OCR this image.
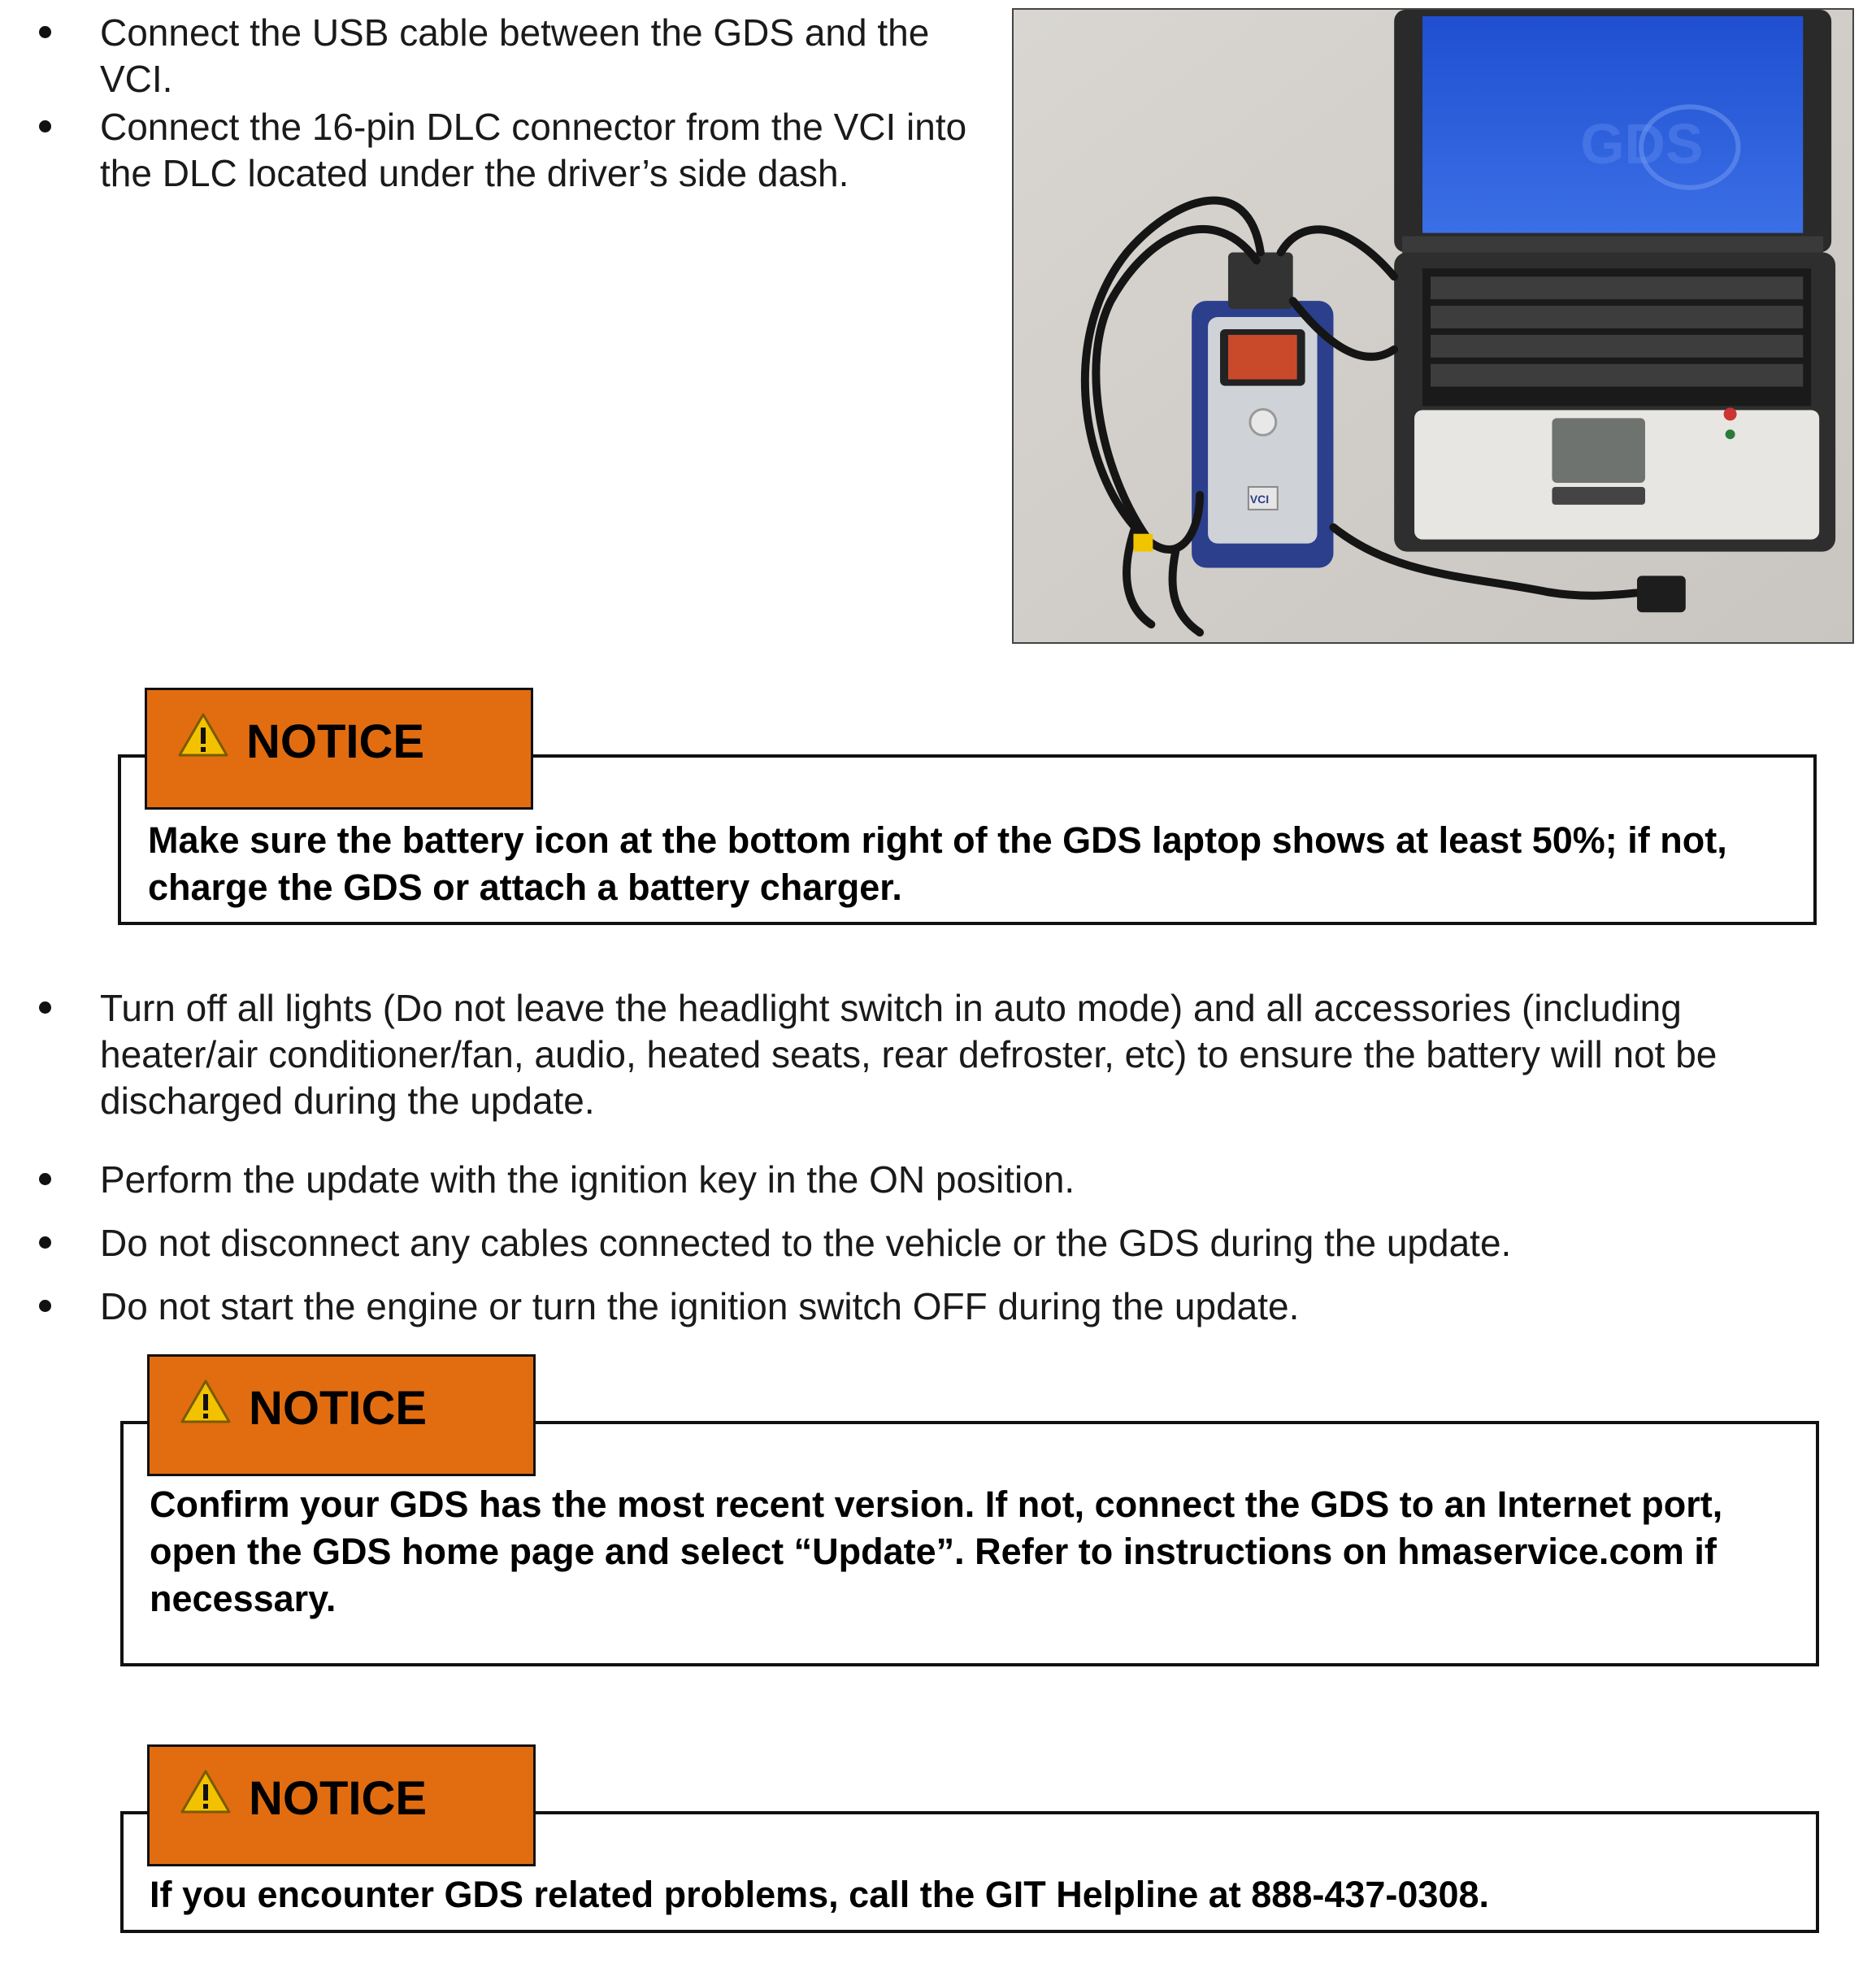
Connect the USB cable between the GDS and the VCI.
Connect the 16-pin DLC connector from the VCI into the DLC located under the driver’s side dash.	GDS
VCI
Make sure the battery icon at the bottom right of the GDS laptop shows at least 50%; if not, charge the GDS or attach a battery charger.
NOTICE
Turn off all lights (Do not leave the headlight switch in auto mode) and all accessories (including heater/air conditioner/fan, audio, heated seats, rear defroster, etc) to ensure the battery will not be discharged during the update.
Perform the update with the ignition key in the ON position.
Do not disconnect any cables connected to the vehicle or the GDS during the update.
Do not start the engine or turn the ignition switch OFF during the update.
Confirm your GDS has the most recent version. If not, connect the GDS to an Internet port, open the GDS home page and select “Update”. Refer to instructions on hmaservice.com if necessary.
NOTICE
If you encounter GDS related problems, call the GIT Helpline at 888-437-0308.
NOTICE
